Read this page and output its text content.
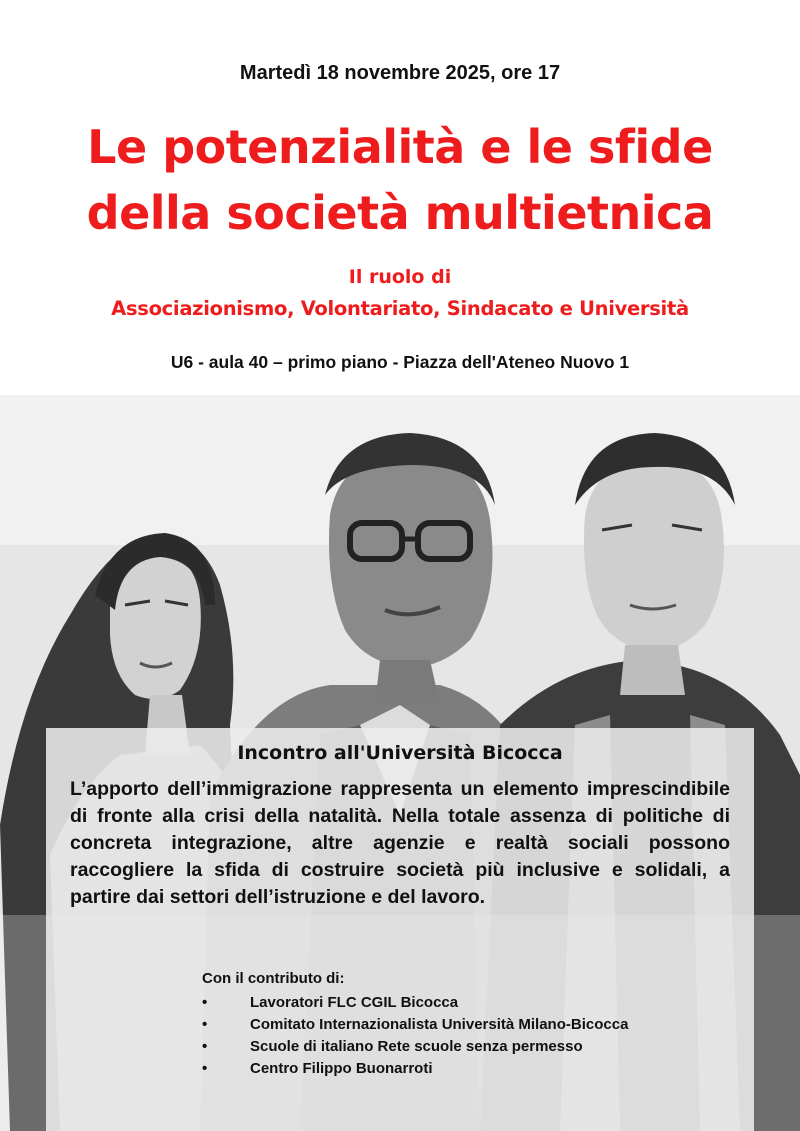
Martedì 18 novembre 2025, ore 17
Le potenzialità e le sfide
della società multietnica
Il ruolo di
Associazionismo, Volontariato, Sindacato e Università
U6 - aula 40 – primo piano - Piazza dell'Ateneo Nuovo 1
Incontro all'Università Bicocca

L’apporto dell’immigrazione rappresenta un elemento imprescindibile di fronte alla crisi della natalità. Nella totale assenza di politiche di concreta integrazione, altre agenzie e realtà sociali possono raccogliere la sfida di costruire società più inclusive e solidali, a partire dai settori dell’istruzione e del lavoro.

Con il contributo di:
• Lavoratori FLC CGIL Bicocca
• Comitato Internazionalista Università Milano-Bicocca
• Scuole di italiano Rete scuole senza permesso
• Centro Filippo Buonarroti
